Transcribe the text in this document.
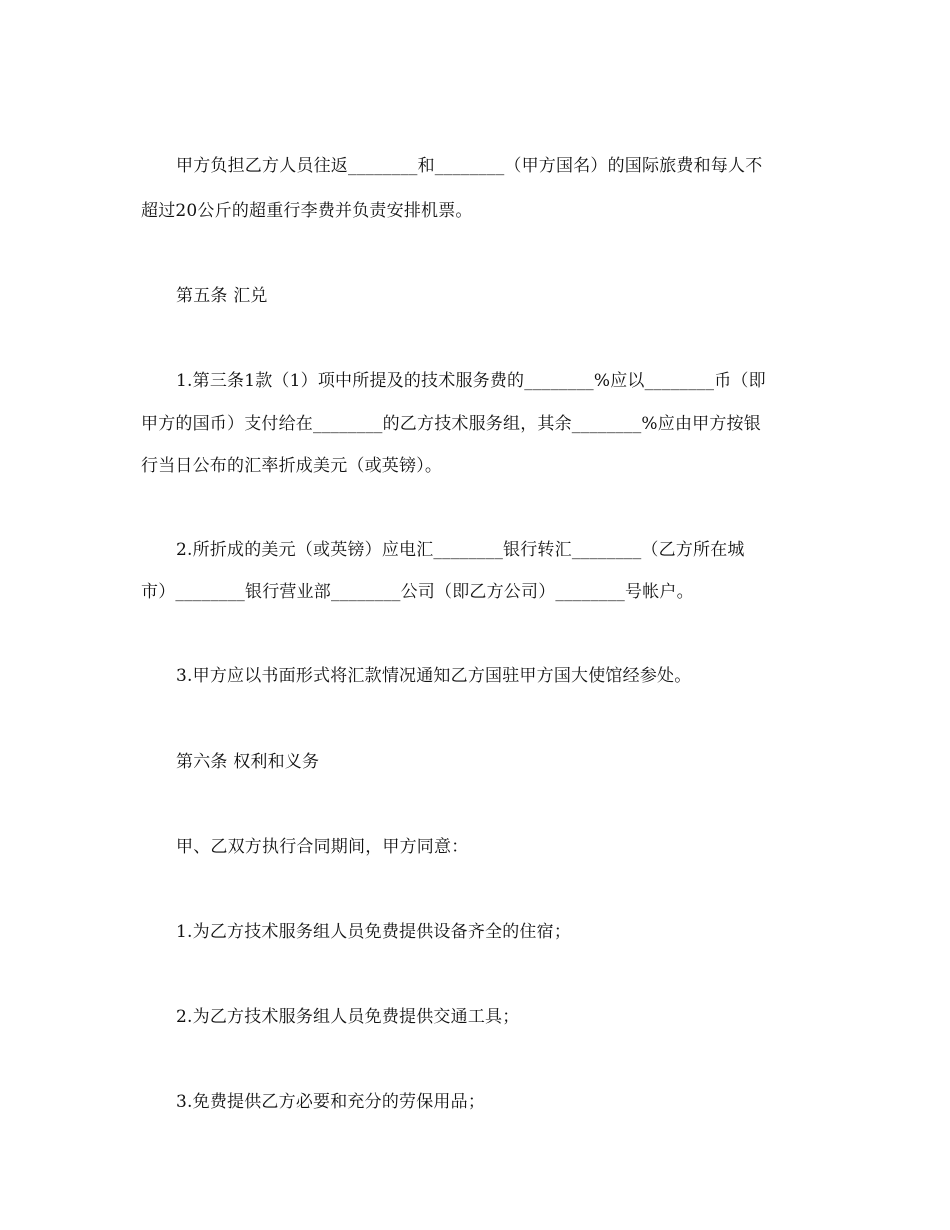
甲方负担乙方人员往返________和________（甲方国名）的国际旅费和每人不
超过20公斤的超重行李费并负责安排机票。
第五条 汇兑
1.第三条1款（1）项中所提及的技术服务费的________%应以________币（即
甲方的国币）支付给在________的乙方技术服务组，其余________%应由甲方按银
行当日公布的汇率折成美元（或英镑）。
2.所折成的美元（或英镑）应电汇________银行转汇________（乙方所在城
市）________银行营业部________公司（即乙方公司）________号帐户。
3.甲方应以书面形式将汇款情况通知乙方国驻甲方国大使馆经参处。
第六条 权利和义务
甲、乙双方执行合同期间，甲方同意：
1.为乙方技术服务组人员免费提供设备齐全的住宿；
2.为乙方技术服务组人员免费提供交通工具；
3.免费提供乙方必要和充分的劳保用品；
